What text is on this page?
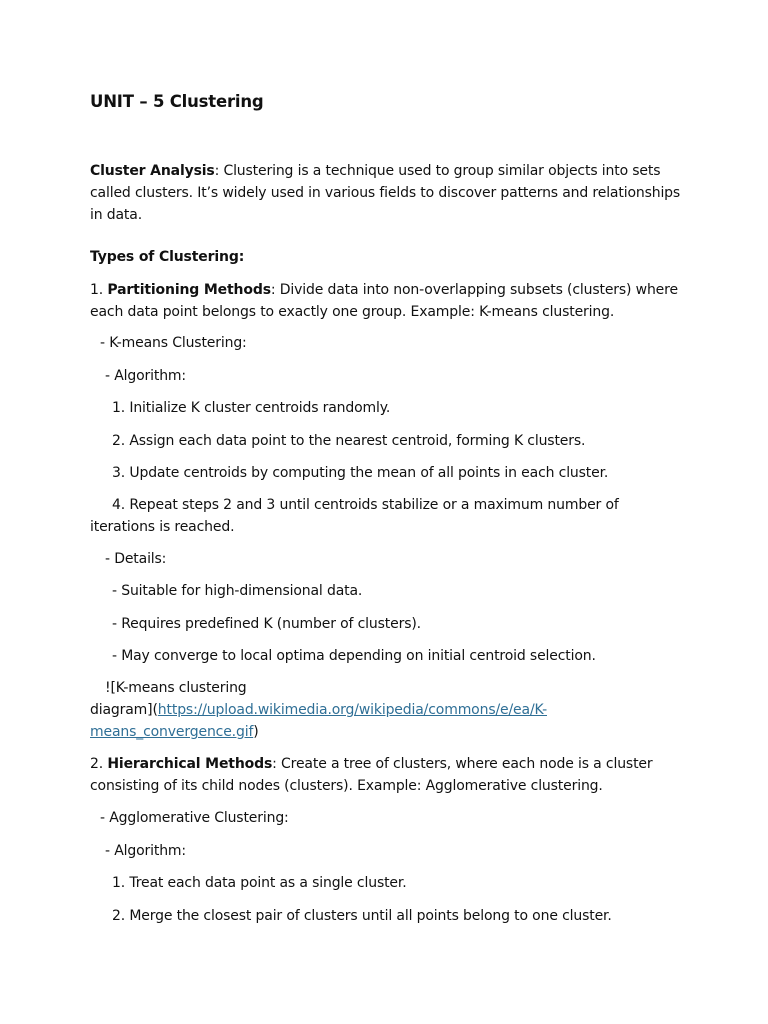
UNIT – 5 Clustering

Cluster Analysis: Clustering is a technique used to group similar objects into sets called clusters. It’s widely used in various fields to discover patterns and relationships in data.

Types of Clustering:

1. Partitioning Methods: Divide data into non-overlapping subsets (clusters) where each data point belongs to exactly one group. Example: K-means clustering.

- K-means Clustering:

- Algorithm:

1. Initialize K cluster centroids randomly.

2. Assign each data point to the nearest centroid, forming K clusters.

3. Update centroids by computing the mean of all points in each cluster.

4. Repeat steps 2 and 3 until centroids stabilize or a maximum number of iterations is reached.

- Details:

- Suitable for high-dimensional data.

- Requires predefined K (number of clusters).

- May converge to local optima depending on initial centroid selection.

![K-means clustering
diagram](https://upload.wikimedia.org/wikipedia/commons/e/ea/K-
means_convergence.gif)

2. Hierarchical Methods: Create a tree of clusters, where each node is a cluster consisting of its child nodes (clusters). Example: Agglomerative clustering.

- Agglomerative Clustering:

- Algorithm:

1. Treat each data point as a single cluster.

2. Merge the closest pair of clusters until all points belong to one cluster.
